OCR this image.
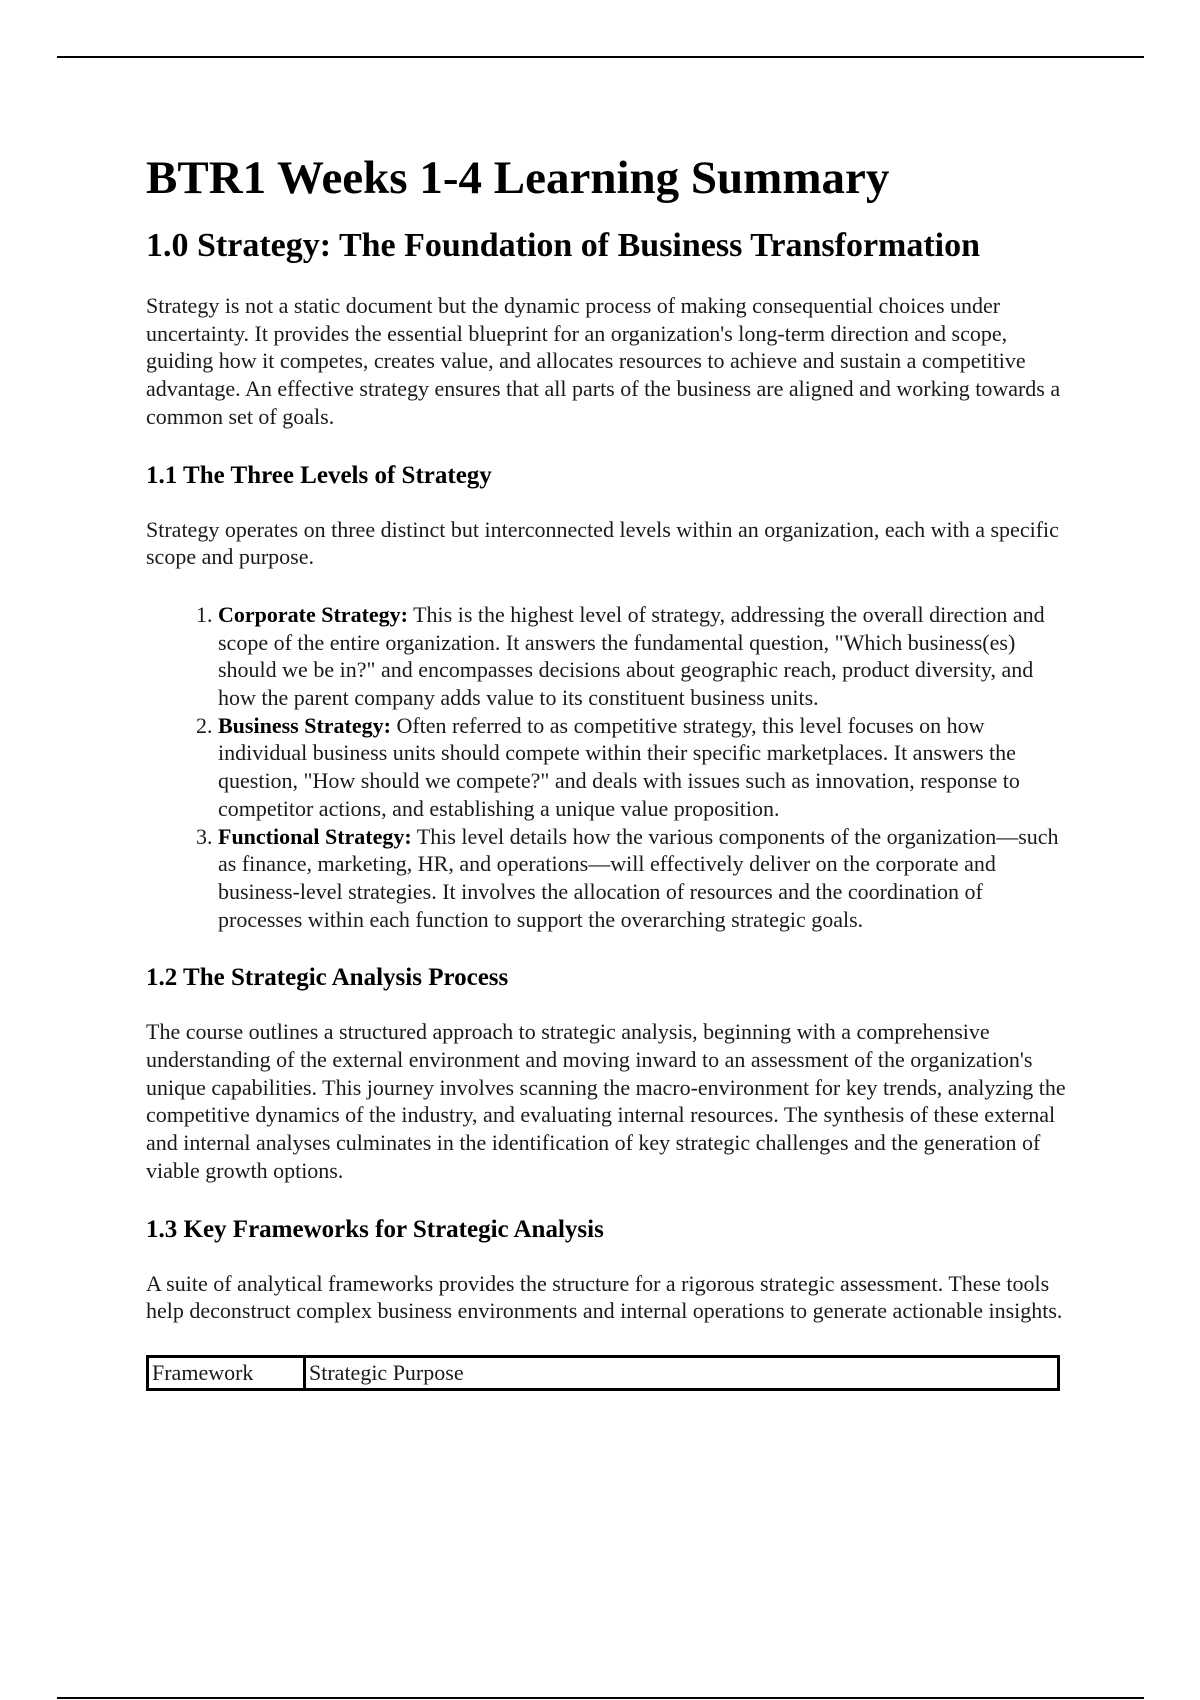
BTR1 Weeks 1-4 Learning Summary
1.0 Strategy: The Foundation of Business Transformation

Strategy is not a static document but the dynamic process of making consequential choices under uncertainty. It provides the essential blueprint for an organization's long-term direction and scope, guiding how it competes, creates value, and allocates resources to achieve and sustain a competitive advantage. An effective strategy ensures that all parts of the business are aligned and working towards a common set of goals.

1.1 The Three Levels of Strategy

Strategy operates on three distinct but interconnected levels within an organization, each with a specific scope and purpose.

1. Corporate Strategy: This is the highest level of strategy, addressing the overall direction and scope of the entire organization. It answers the fundamental question, "Which business(es) should we be in?" and encompasses decisions about geographic reach, product diversity, and how the parent company adds value to its constituent business units.
2. Business Strategy: Often referred to as competitive strategy, this level focuses on how individual business units should compete within their specific marketplaces. It answers the question, "How should we compete?" and deals with issues such as innovation, response to competitor actions, and establishing a unique value proposition.
3. Functional Strategy: This level details how the various components of the organization—such as finance, marketing, HR, and operations—will effectively deliver on the corporate and business-level strategies. It involves the allocation of resources and the coordination of processes within each function to support the overarching strategic goals.
1.2 The Strategic Analysis Process

The course outlines a structured approach to strategic analysis, beginning with a comprehensive understanding of the external environment and moving inward to an assessment of the organization's unique capabilities. This journey involves scanning the macro-environment for key trends, analyzing the competitive dynamics of the industry, and evaluating internal resources. The synthesis of these external and internal analyses culminates in the identification of key strategic challenges and the generation of viable growth options.

1.3 Key Frameworks for Strategic Analysis

A suite of analytical frameworks provides the structure for a rigorous strategic assessment. These tools help deconstruct complex business environments and internal operations to generate actionable insights.

Framework	Strategic Purpose
